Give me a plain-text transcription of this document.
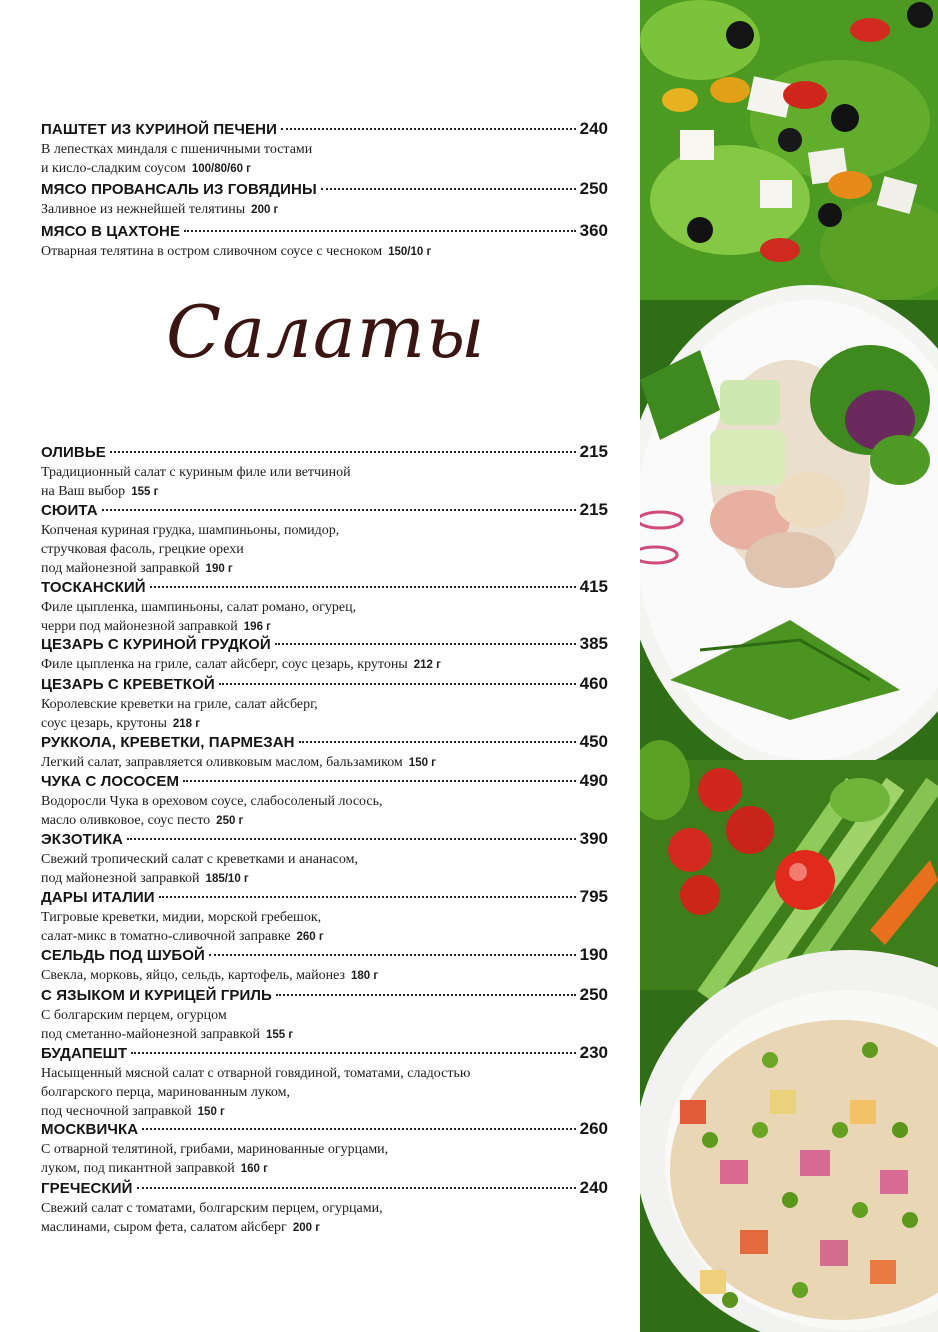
ПАШТЕТ ИЗ КУРИНОЙ ПЕЧЕНИ	240
В лепестках миндаля с пшеничными тостами
и кисло-сладким соусом 100/80/60 г
МЯСО ПРОВАНСАЛЬ ИЗ ГОВЯДИНЫ	250
Заливное из нежнейшей телятины 200 г
МЯСО В ЦАХТОНЕ	360
Отварная телятина в остром сливочном соусе с чесноком 150/10 г
Салаты
ОЛИВЬЕ	215
Традиционный салат с куриным филе или ветчиной
на Ваш выбор 155 г
СЮИТА	215
Копченая куриная грудка, шампиньоны, помидор,
стручковая фасоль, грецкие орехи
под майонезной заправкой 190 г
ТОСКАНСКИЙ	415
Филе цыпленка, шампиньоны, салат романо, огурец,
черри под майонезной заправкой 196 г
ЦЕЗАРЬ С КУРИНОЙ ГРУДКОЙ	385
Филе цыпленка на гриле, салат айсберг, соус цезарь, крутоны 212 г
ЦЕЗАРЬ С КРЕВЕТКОЙ	460
Королевские креветки на гриле, салат айсберг,
соус цезарь, крутоны 218 г
РУККОЛА, КРЕВЕТКИ, ПАРМЕЗАН	450
Легкий салат, заправляется оливковым маслом, бальзамиком 150 г
ЧУКА С ЛОСОСЕМ	490
Водоросли Чука в ореховом соусе, слабосоленый лосось,
масло оливковое, соус песто 250 г
ЭКЗОТИКА	390
Свежий тропический салат с креветками и ананасом,
под майонезной заправкой 185/10 г
ДАРЫ ИТАЛИИ	795
Тигровые креветки, мидии, морской гребешок,
салат-микс в томатно-сливочной заправке 260 г
СЕЛЬДЬ ПОД ШУБОЙ	190
Свекла, морковь, яйцо, сельдь, картофель, майонез 180 г
С ЯЗЫКОМ И КУРИЦЕЙ ГРИЛЬ	250
С болгарским перцем, огурцом
под сметанно-майонезной заправкой 155 г
БУДАПЕШТ	230
Насыщенный мясной салат с отварной говядиной, томатами, сладостью
болгарского перца, маринованным луком,
под чесночной заправкой 150 г
МОСКВИЧКА	260
С отварной телятиной, грибами, маринованные огурцами,
луком, под пикантной заправкой 160 г
ГРЕЧЕСКИЙ	240
Свежий салат с томатами, болгарским перцем, огурцами,
маслинами, сыром фета, салатом айсберг 200 г
